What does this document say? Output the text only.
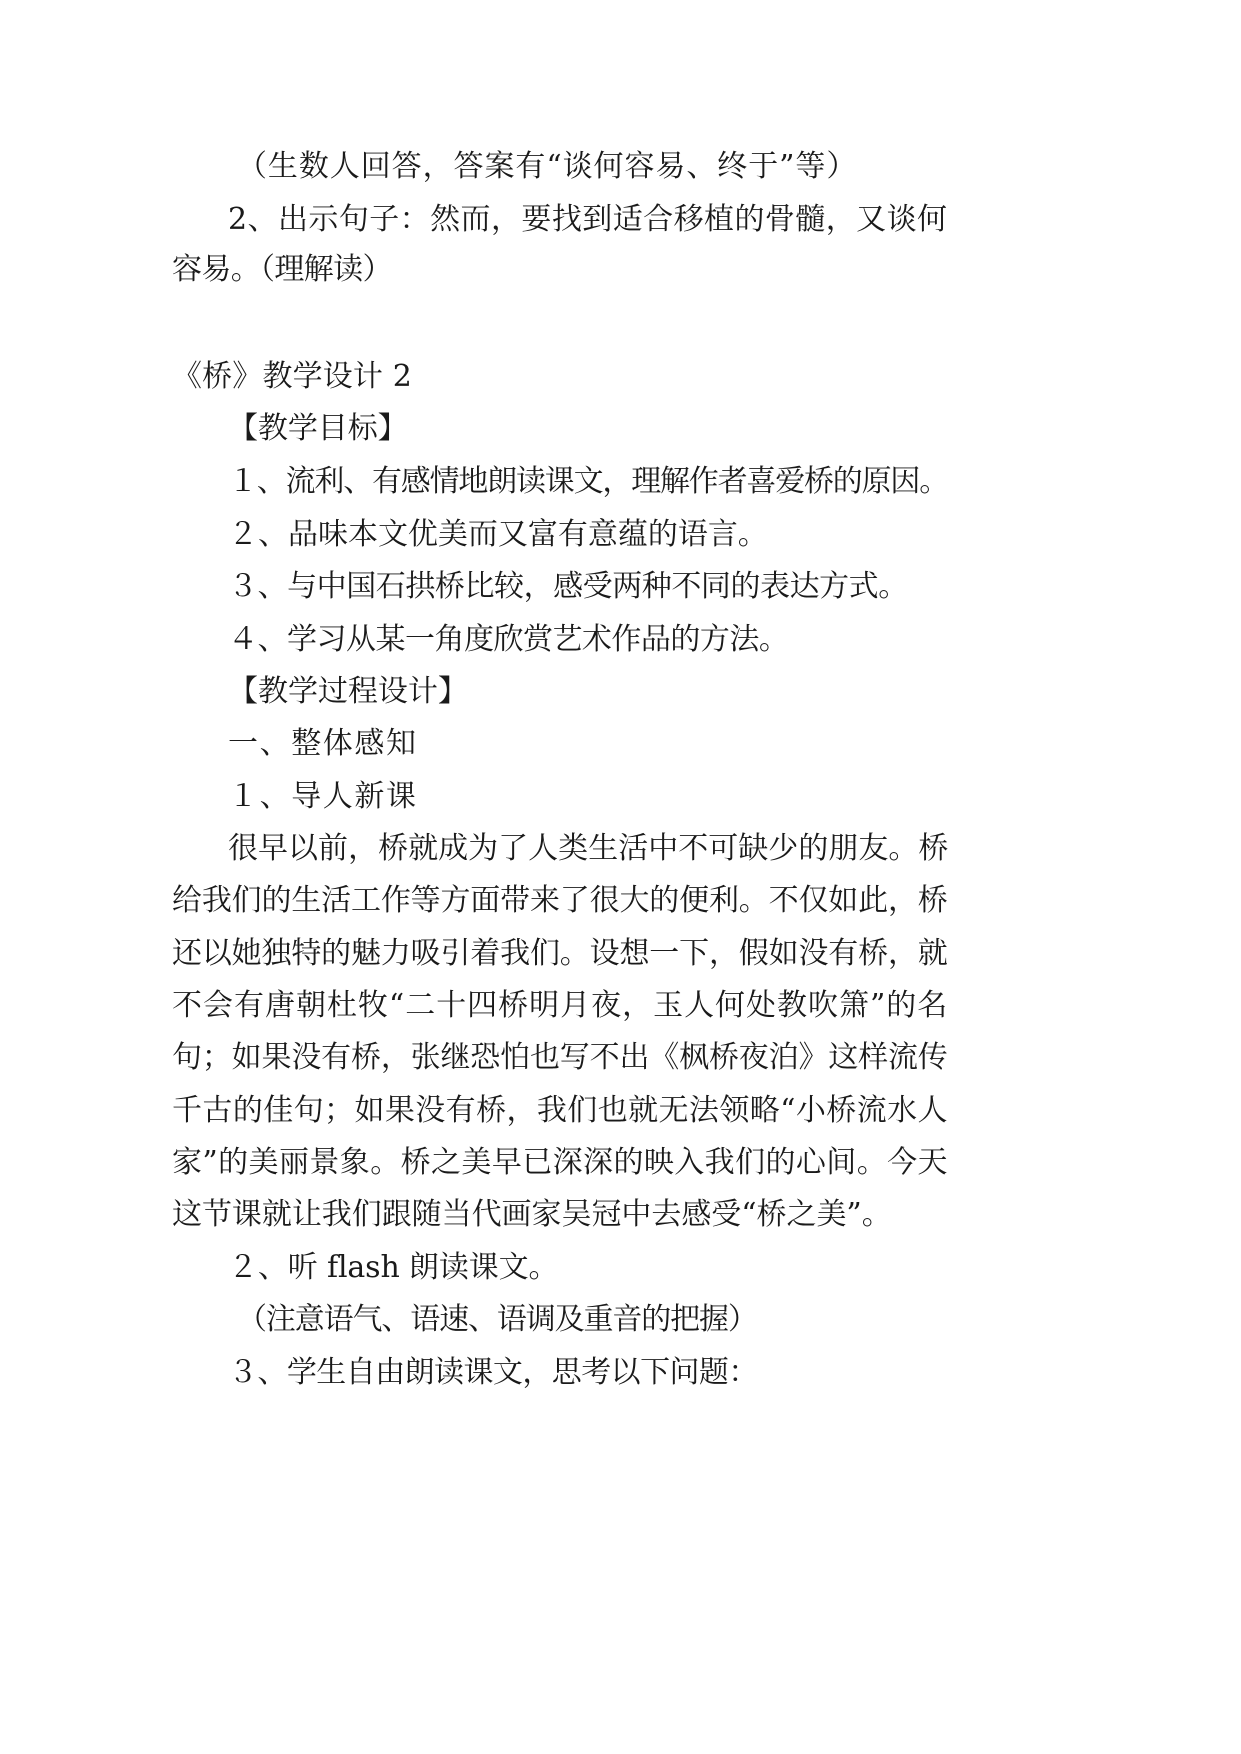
（生数人回答，答案有“谈何容易、终于”等）
2、出示句子：然而，要找到适合移植的骨髓，又谈何
容易。（理解读）
《桥》教学设计 2
【教学目标】
１、流利、有感情地朗读课文，理解作者喜爱桥的原因。
２、品味本文优美而又富有意蕴的语言。
３、与中国石拱桥比较，感受两种不同的表达方式。
４、学习从某一角度欣赏艺术作品的方法。
【教学过程设计】
一、整体感知
１、导人新课
很早以前，桥就成为了人类生活中不可缺少的朋友。桥
给我们的生活工作等方面带来了很大的便利。不仅如此，桥
还以她独特的魅力吸引着我们。设想一下，假如没有桥，就
不会有唐朝杜牧“二十四桥明月夜，玉人何处教吹箫”的名
句；如果没有桥，张继恐怕也写不出《枫桥夜泊》这样流传
千古的佳句；如果没有桥，我们也就无法领略“小桥流水人
家”的美丽景象。桥之美早已深深的映入我们的心间。今天
这节课就让我们跟随当代画家吴冠中去感受“桥之美”。
２、听 flash 朗读课文。
（注意语气、语速、语调及重音的把握）
３、学生自由朗读课文，思考以下问题：
